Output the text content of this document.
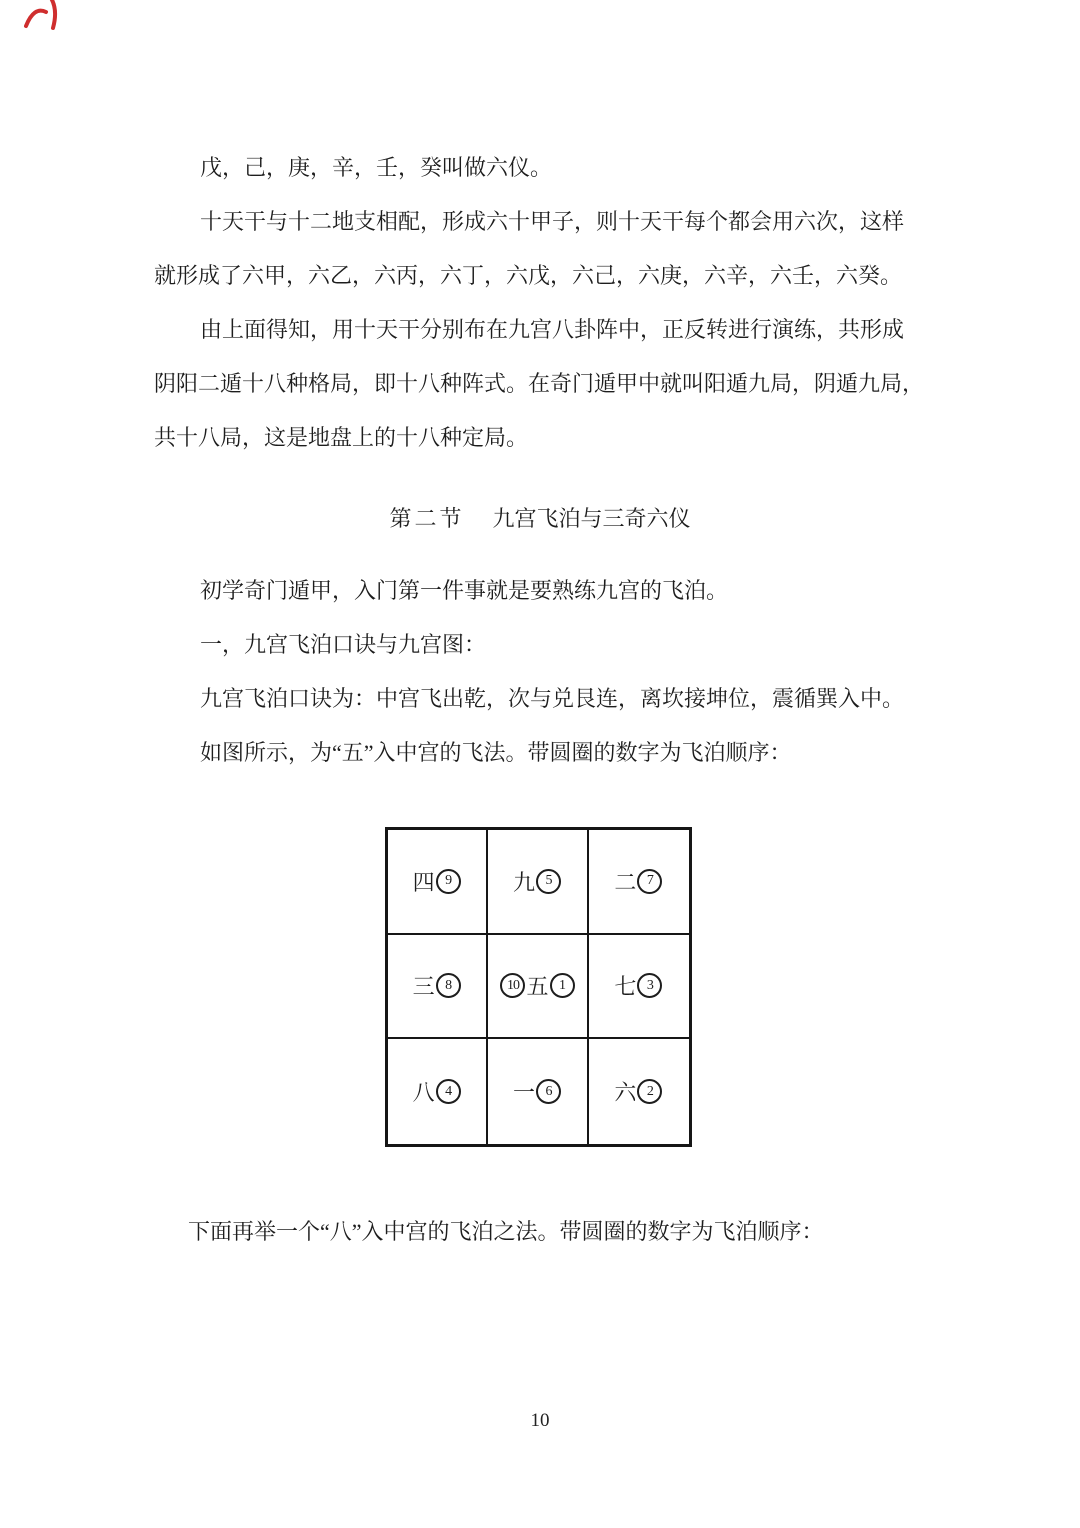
戊，己，庚，辛，壬，癸叫做六仪。
十天干与十二地支相配，形成六十甲子，则十天干每个都会用六次，这样
就形成了六甲，六乙，六丙，六丁，六戊，六己，六庚，六辛，六壬，六癸。
由上面得知，用十天干分别布在九宫八卦阵中，正反转进行演练，共形成
阴阳二遁十八种格局，即十八种阵式。在奇门遁甲中就叫阳遁九局，阴遁九局，
共十八局，这是地盘上的十八种定局。
第二节 九宫飞泊与三奇六仪
初学奇门遁甲，入门第一件事就是要熟练九宫的飞泊。
一，九宫飞泊口诀与九宫图：
九宫飞泊口诀为：中宫飞出乾，次与兑艮连，离坎接坤位，震循巽入中。
如图所示，为“五”入中宫的飞法。带圆圈的数字为飞泊顺序：
四 9	九 5	二 7
三 8	10 五 1	七 3
八 4	一 6	六 2
下面再举一个“八”入中宫的飞泊之法。带圆圈的数字为飞泊顺序：
10
